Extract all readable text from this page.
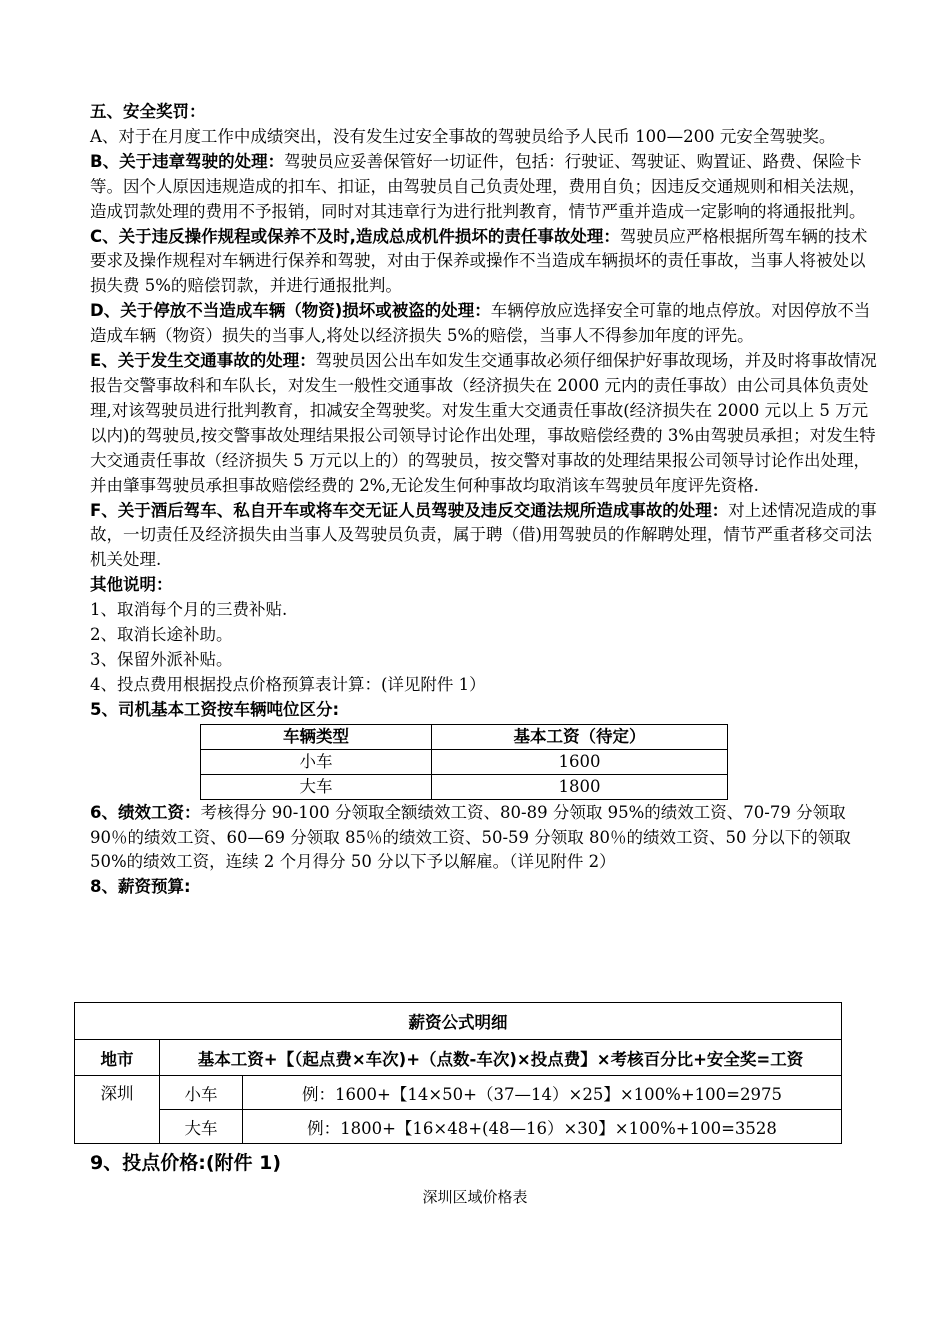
五、安全奖罚：

A、对于在月度工作中成绩突出，没有发生过安全事故的驾驶员给予人民币 100—200 元安全驾驶奖。

B、关于违章驾驶的处理：驾驶员应妥善保管好一切证件，包括：行驶证、驾驶证、购置证、路费、保险卡等。因个人原因违规造成的扣车、扣证，由驾驶员自己负责处理，费用自负；因违反交通规则和相关法规，造成罚款处理的费用不予报销，同时对其违章行为进行批判教育，情节严重并造成一定影响的将通报批判。

C、关于违反操作规程或保养不及时,造成总成机件损坏的责任事故处理：驾驶员应严格根据所驾车辆的技术要求及操作规程对车辆进行保养和驾驶，对由于保养或操作不当造成车辆损坏的责任事故，当事人将被处以损失费 5%的赔偿罚款，并进行通报批判。

D、关于停放不当造成车辆（物资)损坏或被盗的处理：车辆停放应选择安全可靠的地点停放。对因停放不当造成车辆（物资）损失的当事人,将处以经济损失 5%的赔偿，当事人不得参加年度的评先。

E、关于发生交通事故的处理：驾驶员因公出车如发生交通事故必须仔细保护好事故现场，并及时将事故情况报告交警事故科和车队长，对发生一般性交通事故（经济损失在 2000 元内的责任事故）由公司具体负责处理,对该驾驶员进行批判教育，扣减安全驾驶奖。对发生重大交通责任事故(经济损失在 2000 元以上 5 万元以内)的驾驶员,按交警事故处理结果报公司领导讨论作出处理，事故赔偿经费的 3%由驾驶员承担；对发生特大交通责任事故（经济损失 5 万元以上的）的驾驶员，按交警对事故的处理结果报公司领导讨论作出处理，并由肇事驾驶员承担事故赔偿经费的 2%,无论发生何种事故均取消该车驾驶员年度评先资格.

F、关于酒后驾车、私自开车或将车交无证人员驾驶及违反交通法规所造成事故的处理：对上述情况造成的事故，一切责任及经济损失由当事人及驾驶员负责，属于聘（借)用驾驶员的作解聘处理，情节严重者移交司法机关处理.

其他说明：

1、取消每个月的三费补贴.

2、取消长途补助。

3、保留外派补贴。

4、投点费用根据投点价格预算表计算：(详见附件 1）

5、司机基本工资按车辆吨位区分:

车辆类型	基本工资（待定）
小车	1600
大车	1800

6、绩效工资：考核得分 90-100 分领取全额绩效工资、80-89 分领取 95%的绩效工资、70-79 分领取 90％的绩效工资、60—69 分领取 85％的绩效工资、50-59 分领取 80％的绩效工资、50 分以下的领取 50%的绩效工资，连续 2 个月得分 50 分以下予以解雇。（详见附件 2）

8、薪资预算:

薪资公式明细		
地市	基本工资+【（起点费×车次)+（点数-车次)×投点费】×考核百分比+安全奖=工资	
深圳	小车	例：1600+【14×50+（37—14）×25】×100%+100=2975
	大车	例：1800+【16×48+(48—16）×30】×100%+100=3528
9、投点价格:(附件 1)
深圳区域价格表
